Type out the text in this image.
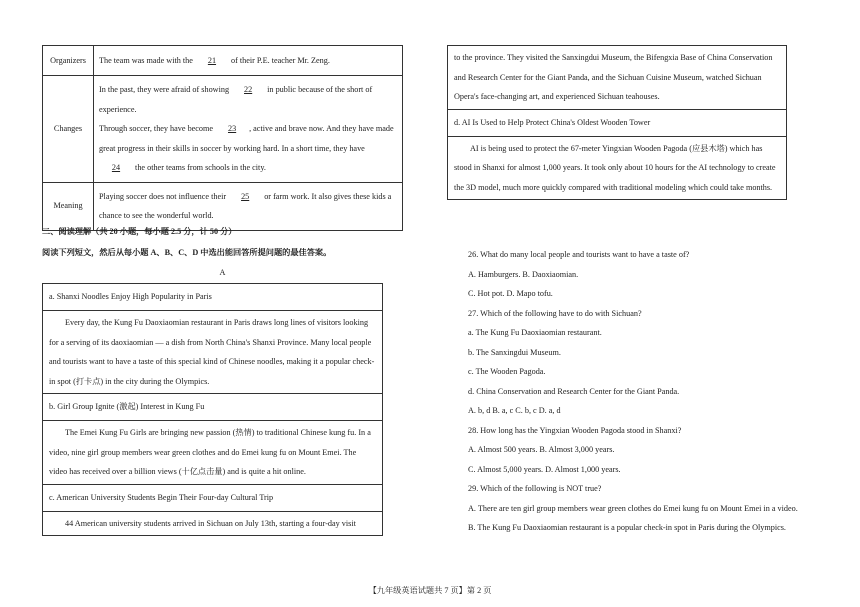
Organizers	The team was made with the 21 of their P.E. teacher Mr. Zeng.
Changes	In the past, they were afraid of showing 22 in public because of the short of experience.
Through soccer, they have become 23 , active and brave now. And they have made great progress in their skills in soccer by working hard. In a short time, they have 24 the other teams from schools in the city.
Meaning	Playing soccer does not influence their 25 or farm work. It also gives these kids a chance to see the wonderful world.
二、阅读理解（共 20 小题，每小题 2.5 分，计 50 分）
阅读下列短文，然后从每小题 A、B、C、D 中选出能回答所提问题的最佳答案。
A
a. Shanxi Noodles Enjoy High Popularity in Paris
Every day, the Kung Fu Daoxiaomian restaurant in Paris draws long lines of visitors looking for a serving of its daoxiaomian — a dish from North China's Shanxi Province. Many local people and tourists want to have a taste of this special kind of Chinese noodles, making it a popular check-in spot (打卡点) in the city during the Olympics.
b. Girl Group Ignite (激起) Interest in Kung Fu
The Emei Kung Fu Girls are bringing new passion (热情) to traditional Chinese kung fu. In a video, nine girl group members wear green clothes and do Emei kung fu on Mount Emei. The video has received over a billion views (十亿点击量) and is quite a hit online.
c. American University Students Begin Their Four-day Cultural Trip
44 American university students arrived in Sichuan on July 13th, starting a four-day visit
to the province. They visited the Sanxingdui Museum, the Bifengxia Base of China Conservation and Research Center for the Giant Panda, and the Sichuan Cuisine Museum, watched Sichuan Opera's face-changing art, and experienced Sichuan teahouses.
d. AI Is Used to Help Protect China's Oldest Wooden Tower
AI is being used to protect the 67-meter Yingxian Wooden Pagoda (应县木塔) which has stood in Shanxi for almost 1,000 years. It took only about 10 hours for the AI technology to create the 3D model, much more quickly compared with traditional modeling which could take months.

26. What do many local people and tourists want to have a taste of?

A. Hamburgers. B. Daoxiaomian.

C. Hot pot. D. Mapo tofu.

27. Which of the following have to do with Sichuan?

a. The Kung Fu Daoxiaomian restaurant.

b. The Sanxingdui Museum.

c. The Wooden Pagoda.

d. China Conservation and Research Center for the Giant Panda.

A. b, d B. a, c C. b, c D. a, d

28. How long has the Yingxian Wooden Pagoda stood in Shanxi?

A. Almost 500 years. B. Almost 3,000 years.

C. Almost 5,000 years. D. Almost 1,000 years.

29. Which of the following is NOT true?

A. There are ten girl group members wear green clothes do Emei kung fu on Mount Emei in a video.

B. The Kung Fu Daoxiaomian restaurant is a popular check-in spot in Paris during the Olympics.

【九年级英语试题共 7 页】第 2 页
